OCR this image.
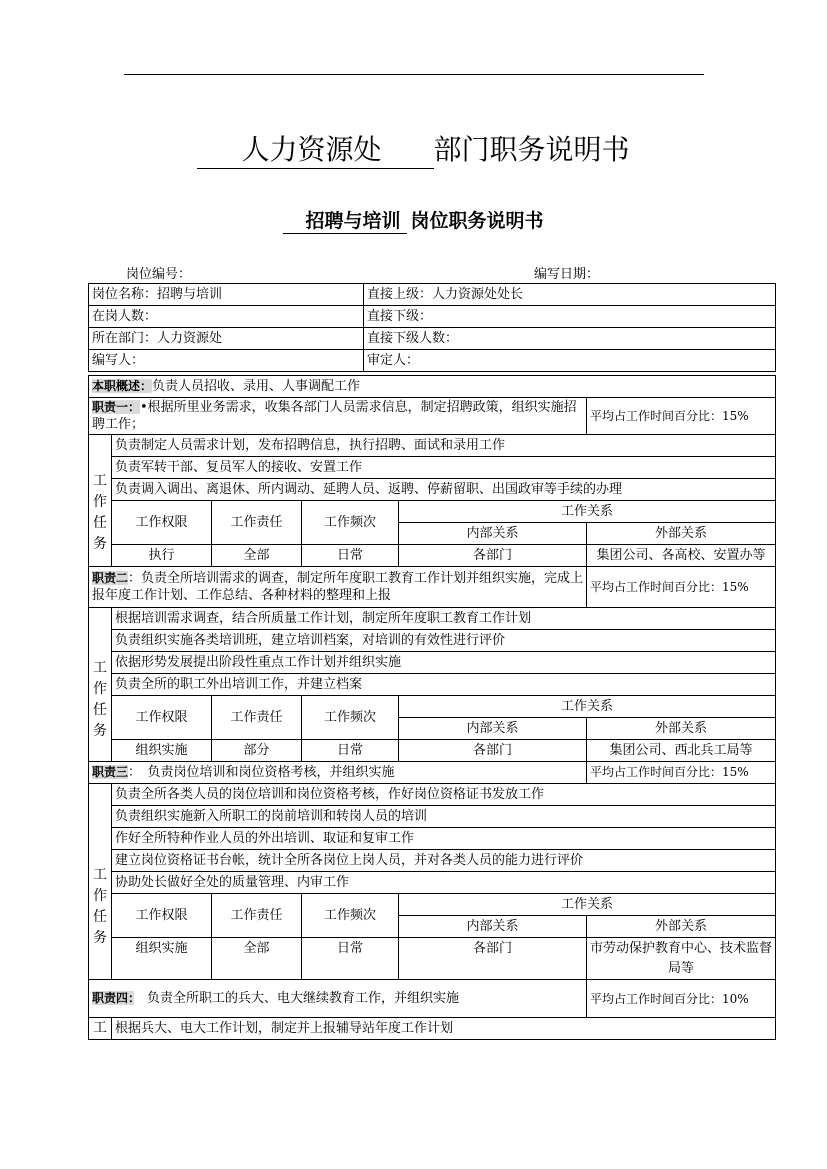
人力资源处 部门职务说明书
招聘与培训 岗位职务说明书
岗位编号：	编写日期：
岗位名称：招聘与培训				直接上级：人力资源处处长		
在岗人数：				直接下级：		
所在部门：人力资源处				直接下级人数：		
编写人：				审定人：		

本职概述：负责人员招收、录用、人事调配工作						
职责一：•根据所里业务需求，收集各部门人员需求信息，制定招聘政策，组织实施招聘工作；						平均占工作时间百分比：15%
工
作
任
务	负责制定人员需求计划，发布招聘信息，执行招聘、面试和录用工作					
	负责军转干部、复员军人的接收、安置工作					
	负责调入调出、离退休、所内调动、延聘人员、返聘、停薪留职、出国政审等手续的办理					
	工作权限	工作责任	工作频次		工作关系	
					内部关系	外部关系
	执行	全部	日常		各部门	集团公司、各高校、安置办等
职责二：负责全所培训需求的调查，制定所年度职工教育工作计划并组织实施，完成上报年度工作计划、工作总结、各种材料的整理和上报						平均占工作时间百分比：15%
工
作
任
务	根据培训需求调查，结合所质量工作计划，制定所年度职工教育工作计划					
	负责组织实施各类培训班，建立培训档案，对培训的有效性进行评价					
	依据形势发展提出阶段性重点工作计划并组织实施					
	负责全所的职工外出培训工作，并建立档案					
	工作权限	工作责任	工作频次		工作关系	
					内部关系	外部关系
	组织实施	部分	日常		各部门	集团公司、西北兵工局等
职责三：　负责岗位培训和岗位资格考核，并组织实施						平均占工作时间百分比：15%
工
作
任
务	负责全所各类人员的岗位培训和岗位资格考核，作好岗位资格证书发放工作					
	负责组织实施新入所职工的岗前培训和转岗人员的培训					
	作好全所特种作业人员的外出培训、取证和复审工作					
	建立岗位资格证书台帐，统计全所各岗位上岗人员，并对各类人员的能力进行评价					
	协助处长做好全处的质量管理、内审工作					
	工作权限	工作责任	工作频次		工作关系	
					内部关系	外部关系
	组织实施	全部	日常		各部门	市劳动保护教育中心、技术监督局等
职责四：　负责全所职工的兵大、电大继续教育工作，并组织实施						平均占工作时间百分比：10%
工	根据兵大、电大工作计划，制定并上报辅导站年度工作计划					
